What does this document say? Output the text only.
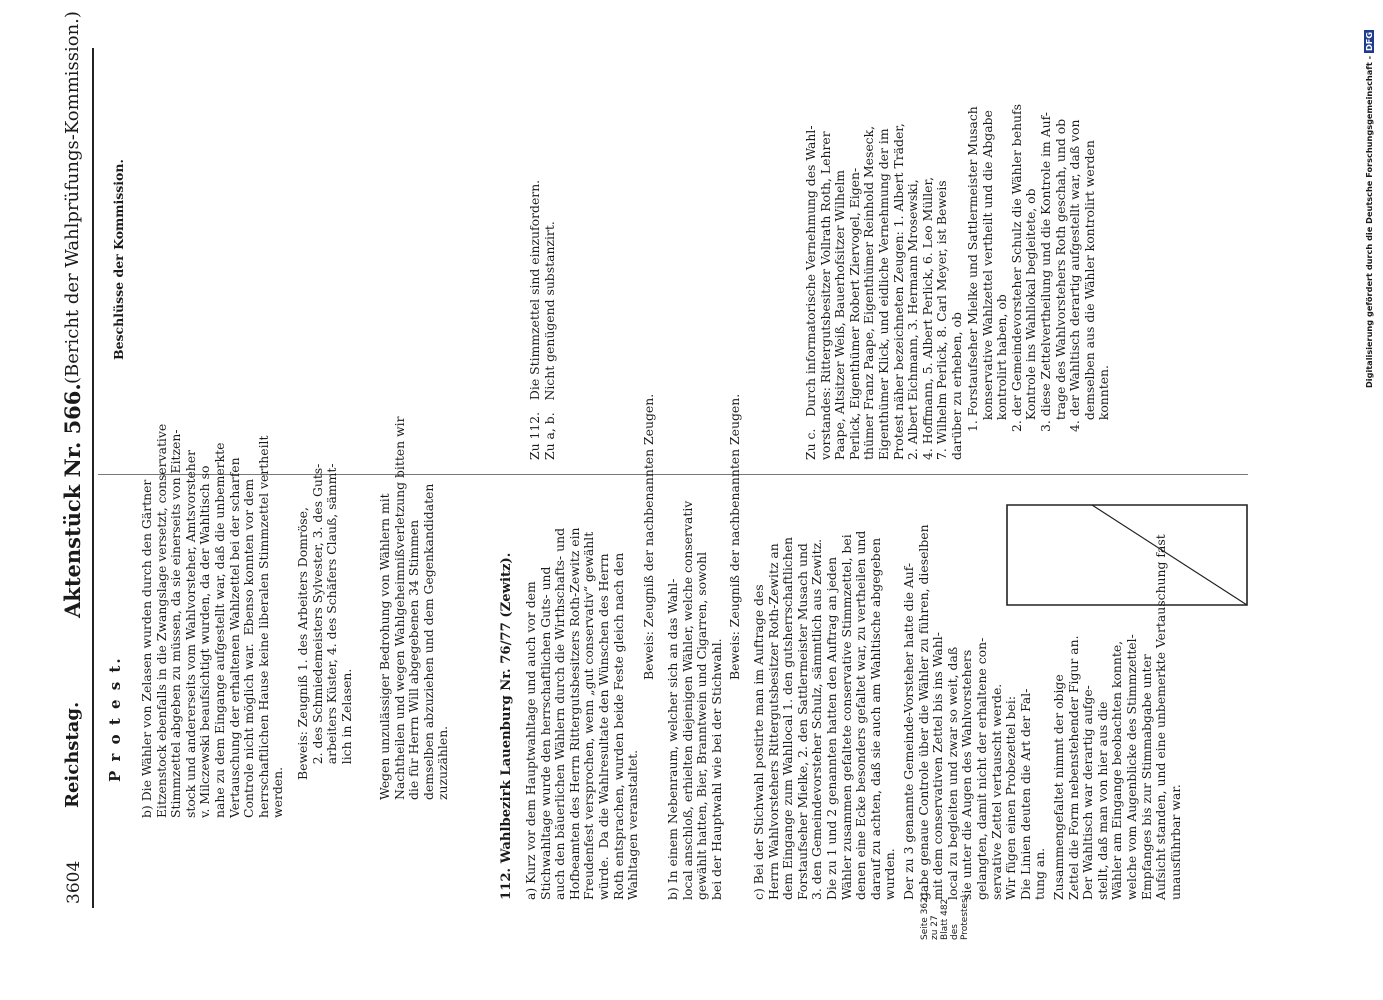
3604
Reichstag.
Aktenstück Nr. 566.
(Bericht der Wahlprüfungs-Kommission.)
P r o t e s t. b) Die Wähler von Zelasen wurden durch den Gärtner Eitzenstock ebenfalls in die Zwangslage versetzt, conservative Stimmzettel abgeben zu müssen, da sie einerseits von Eitzen- stock und andererseits vom Wahlvorsteher, Amtsvorsteher v. Milczewski beaufsichtigt wurden, da der Wahltisch so nahe zu dem Eingange aufgestellt war, daß die unbemerkte Vertauschung der erhaltenen Wahlzettel bei der scharfen Controle nicht möglich war.  Ebenso konnten vor dem herrschaftlichen Hause keine liberalen Stimmzettel vertheilt werden.
Beweis: Zeugniß 1. des Arbeiters Domröse, 2. des Schmiedemeisters Sylvester, 3. des Guts- arbeiters Küster, 4. des Schäfers Clauß, sämmt- lich in Zelasen. Wegen unzulässiger Bedrohung von Wählern mit Nachtheilen und wegen Wahlgeheimnißverletzung bitten wir die für Herrn Will abgegebenen 34 Stimmen demselben abzuziehen und dem Gegenkandidaten zuzuzählen.	112. Wahlbezirk Lauenburg Nr. 76/77 (Zewitz). a) Kurz vor dem Hauptwahltage und auch vor dem Stichwahltage wurde den herrschaftlichen Guts- und auch den bäuerlichen Wählern durch die Wirthschafts- und Hofbeamten des Herrn Rittergutsbesitzers Roth-Zewitz ein Freudenfest versprochen, wenn „gut conservativ“ gewählt würde.  Da die Wahlresultate den Wünschen des Herrn Roth entsprachen, wurden beide Feste gleich nach den Wahltagen veranstaltet.
Beweis: Zeugniß der nachbenannten Zeugen.
b) In einem Nebenraum, welcher sich an das Wahl- local anschloß, erhielten diejenigen Wähler, welche conservativ gewählt hatten, Bier, Branntwein und Cigarren, sowohl bei der Hauptwahl wie bei der Stichwahl.
Beweis: Zeugniß der nachbenannten Zeugen.
c) Bei der Stichwahl postirte man im Auftrage des Herrn Wahlvorstehers Rittergutsbesitzer Roth-Zewitz an dem Eingange zum Wahllocal 1. den gutsherrschaftlichen Forstaufseher Mielke, 2. den Sattlermeister Musach und 3. den Gemeindevorsteher Schulz, sämmtlich aus Zewitz. Die zu 1 und 2 genannten hatten den Auftrag an jeden Wähler zusammen gefaltete conservative Stimmzettel, bei denen eine Ecke besonders gefaltet war, zu vertheilen und darauf zu achten, daß sie auch am Wahltische abgegeben wurden. Der zu 3 genannte Gemeinde-Vorsteher hatte die Auf- gabe genaue Controle über die Wähler zu führen, dieselben mit dem conservativen Zettel bis ins Wahl- local zu begleiten und zwar so weit, daß sie unter die Augen des Wahlvorstehers gelangten, damit nicht der erhaltene con- servative Zettel vertauscht werde. Wir fügen einen Probezettel bei: Die Linien deuten die Art der Fal- tung an. Zusammengefaltet nimmt der obige Zettel die Form nebenstehender Figur an. Der Wahltisch war derartig aufge- stellt, daß man von hier aus die Wähler am Eingange beobachten konnte, welche vom Augenblicke des Stimmzettel- Empfanges bis zur Stimmabgabe unter Aufsicht standen, und eine unbemerkte Vertauschung fast unausführbar war.
Seite 3621 zu 27 Blatt 482 des Protestes)
Beschlüsse der Kommission.	Zu 112.   Die Stimmzettel sind einzufordern. Zu a, b.   Nicht genügend substanzirt.	Zu c.   Durch informatorische Vernehmung des Wahl- vorstandes: Rittergutsbesitzer Vollrath Roth, Lehrer Paape, Altsitzer Weiß, Bauerhofsitzer Wilhelm Perlick, Eigenthümer Robert Ziervogel, Eigen- thümer Franz Paape, Eigenthümer Reinhold Meseck, Eigenthümer Klick, und eidliche Vernehmung der im Protest näher bezeichneten Zeugen: 1. Albert Träder, 2. Albert Eichmann, 3. Hermann Mrosewski, 4. Hoffmann, 5. Albert Perlick, 6. Leo Müller, 7. Wilhelm Perlick, 8. Carl Meyer, ist Beweis darüber zu erheben, ob 1. Forstaufseher Mielke und Sattlermeister Musach konservative Wahlzettel vertheilt und die Abgabe kontrolirt haben, ob 2. der Gemeindevorsteher Schulz die Wähler behufs Kontrole ins Wahllokal begleitete, ob 3. diese Zettelvertheilung und die Kontrole im Auf- trage des Wahlvorstehers Roth geschah, und ob 4. der Wahltisch derartig aufgestellt war, daß von demselben aus die Wähler kontrolirt werden konnten.
Digitalisierung gefördert durch die Deutsche Forschungsgemeinschaft -DFG
